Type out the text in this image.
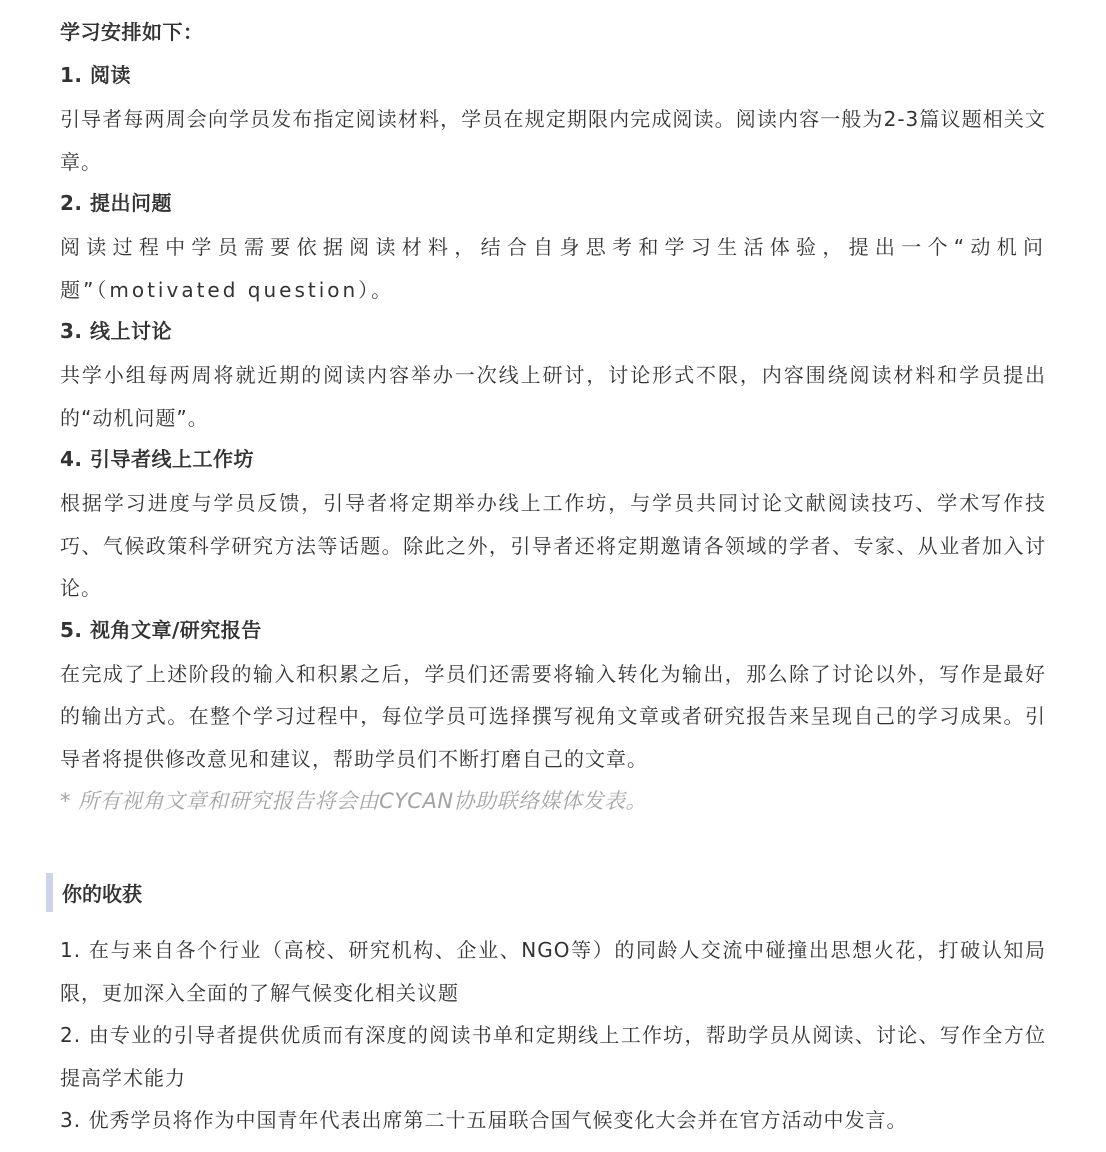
学习安排如下：
1. 阅读
引导者每两周会向学员发布指定阅读材料，学员在规定期限内完成阅读。阅读内容一般为2-3篇议题相关文章。
2. 提出问题
阅读过程中学员需要依据阅读材料，结合自身思考和学习生活体验，提出一个“动机问题”（motivated question）。
3. 线上讨论
共学小组每两周将就近期的阅读内容举办一次线上研讨，讨论形式不限，内容围绕阅读材料和学员提出的“动机问题”。
4. 引导者线上工作坊
根据学习进度与学员反馈，引导者将定期举办线上工作坊，与学员共同讨论文献阅读技巧、学术写作技巧、气候政策科学研究方法等话题。除此之外，引导者还将定期邀请各领域的学者、专家、从业者加入讨论。
5. 视角文章/研究报告
在完成了上述阶段的输入和积累之后，学员们还需要将输入转化为输出，那么除了讨论以外，写作是最好的输出方式。在整个学习过程中，每位学员可选择撰写视角文章或者研究报告来呈现自己的学习成果。引导者将提供修改意见和建议，帮助学员们不断打磨自己的文章。
* 所有视角文章和研究报告将会由CYCAN协助联络媒体发表。
你的收获
1. 在与来自各个行业（高校、研究机构、企业、NGO等）的同龄人交流中碰撞出思想火花，打破认知局限，更加深入全面的了解气候变化相关议题
2. 由专业的引导者提供优质而有深度的阅读书单和定期线上工作坊，帮助学员从阅读、讨论、写作全方位提高学术能力
3. 优秀学员将作为中国青年代表出席第二十五届联合国气候变化大会并在官方活动中发言。
